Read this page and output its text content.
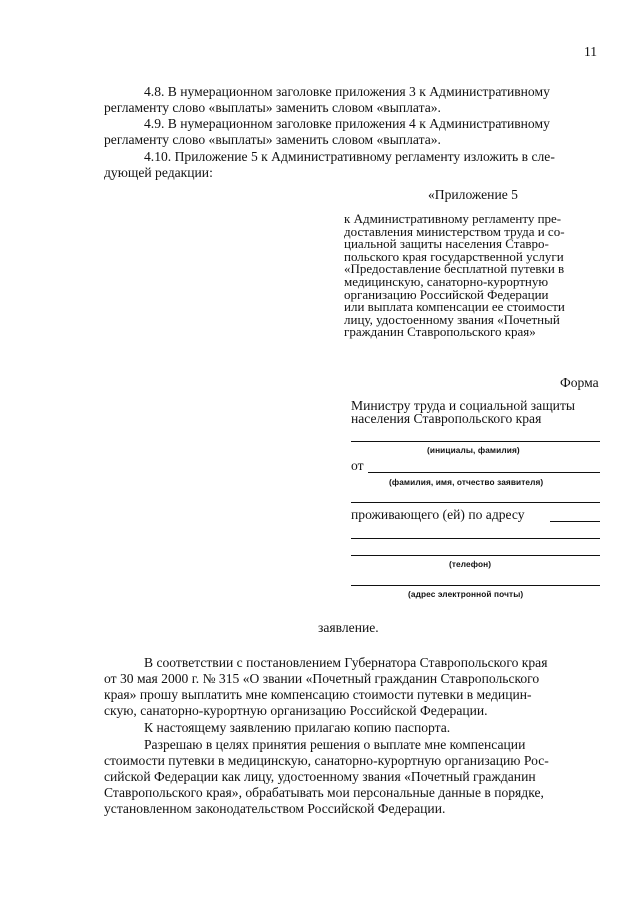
11
4.8. В нумерационном заголовке приложения 3 к Административному
регламенту слово «выплаты» заменить словом «выплата».
4.9. В нумерационном заголовке приложения 4 к Административному
регламенту слово «выплаты» заменить словом «выплата».
4.10. Приложение 5 к Административному регламенту изложить в сле-
дующей редакции:
«Приложение 5
к Административному регламенту пре-
доставления министерством труда и со-
циальной защиты населения Ставро-
польского края государственной услуги
«Предоставление бесплатной путевки в
медицинскую, санаторно-курортную
организацию Российской Федерации
или выплата компенсации ее стоимости
лицу, удостоенному звания «Почетный
гражданин Ставропольского края»
Форма
Министру труда и социальной защиты
населения Ставропольского края
(инициалы, фамилия)
от
(фамилия, имя, отчество заявителя)
проживающего (ей) по адресу
(телефон)
(адрес электронной почты)
заявление.
В соответствии с постановлением Губернатора Ставропольского края
от 30 мая 2000 г. № 315 «О звании «Почетный гражданин Ставропольского
края» прошу выплатить мне компенсацию стоимости путевки в медицин-
скую, санаторно-курортную организацию Российской Федерации.
К настоящему заявлению прилагаю копию паспорта.
Разрешаю в целях принятия решения о выплате мне компенсации
стоимости путевки в медицинскую, санаторно-курортную организацию Рос-
сийской Федерации как лицу, удостоенному звания «Почетный гражданин
Ставропольского края», обрабатывать мои персональные данные в порядке,
установленном законодательством Российской Федерации.
